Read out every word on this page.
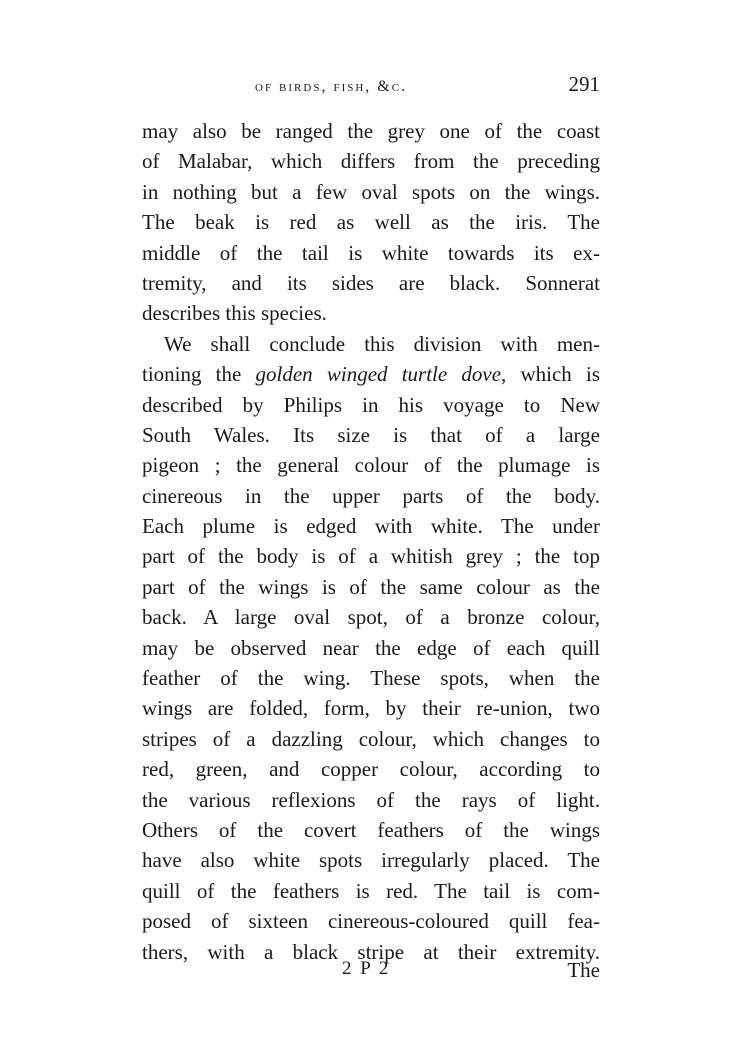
of birds, fish, &c.	291
may also be ranged the grey one of the coast
of Malabar, which differs from the preceding
in nothing but a few oval spots on the wings.
The beak is red as well as the iris. The
middle of the tail is white towards its ex-
tremity, and its sides are black. Sonnerat
describes this species.
We shall conclude this division with men-
tioning the golden winged turtle dove, which is
described by Philips in his voyage to New
South Wales. Its size is that of a large
pigeon ; the general colour of the plumage is
cinereous in the upper parts of the body.
Each plume is edged with white. The under
part of the body is of a whitish grey ; the top
part of the wings is of the same colour as the
back. A large oval spot, of a bronze colour,
may be observed near the edge of each quill
feather of the wing. These spots, when the
wings are folded, form, by their re-union, two
stripes of a dazzling colour, which changes to
red, green, and copper colour, according to
the various reflexions of the rays of light.
Others of the covert feathers of the wings
have also white spots irregularly placed. The
quill of the feathers is red. The tail is com-
posed of sixteen cinereous-coloured quill fea-
thers, with a black stripe at their extremity.
2 P 2	The
